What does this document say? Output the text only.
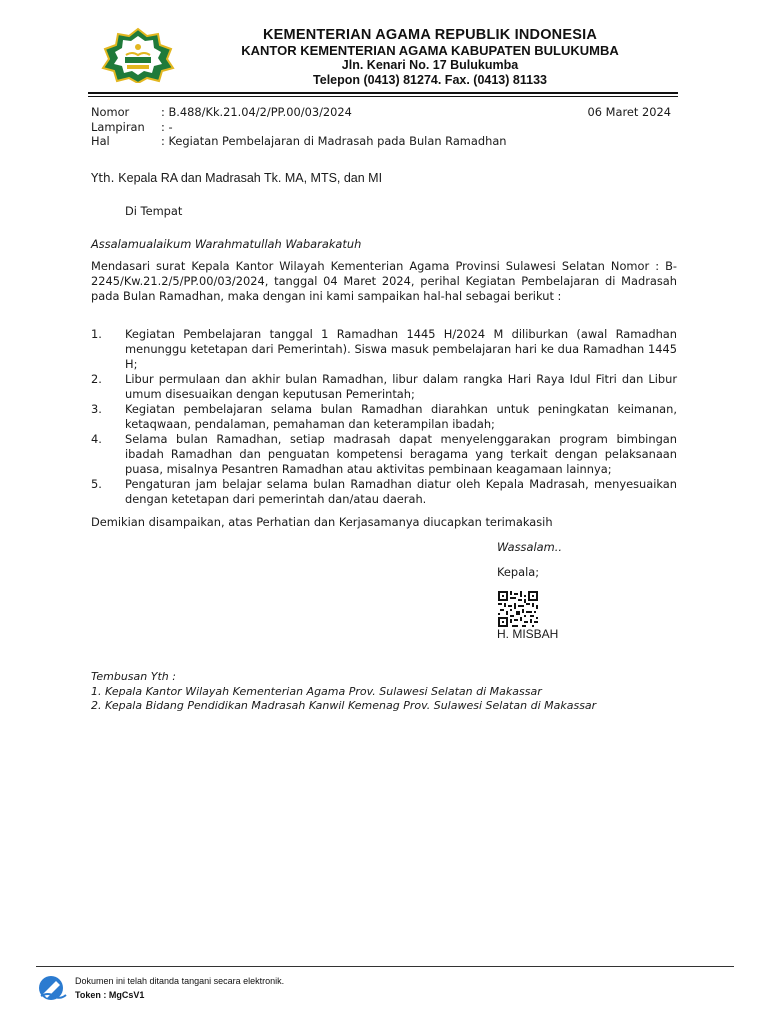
KEMENTERIAN AGAMA REPUBLIK INDONESIA
KANTOR KEMENTERIAN AGAMA KABUPATEN BULUKUMBA
Jln. Kenari No. 17 Bulukumba
Telepon (0413) 81274. Fax. (0413) 81133
Nomor	: B.488/Kk.21.04/2/PP.00/03/2024
Lampiran	: -
Hal	: Kegiatan Pembelajaran di Madrasah pada Bulan Ramadhan
06 Maret 2024
Yth. Kepala RA dan Madrasah Tk. MA, MTS, dan MI
Di Tempat
Assalamualaikum Warahmatullah Wabarakatuh
Mendasari surat Kepala Kantor Wilayah Kementerian Agama Provinsi Sulawesi Selatan Nomor : B-2245/Kw.21.2/5/PP.00/03/2024, tanggal 04 Maret 2024, perihal Kegiatan Pembelajaran di Madrasah pada Bulan Ramadhan, maka dengan ini kami sampaikan hal-hal sebagai berikut :
1.	Kegiatan Pembelajaran tanggal 1 Ramadhan 1445 H/2024 M diliburkan (awal Ramadhan menunggu ketetapan dari Pemerintah). Siswa masuk pembelajaran hari ke dua Ramadhan 1445 H;
2.	Libur permulaan dan akhir bulan Ramadhan, libur dalam rangka Hari Raya Idul Fitri dan Libur umum disesuaikan dengan keputusan Pemerintah;
3.	Kegiatan pembelajaran selama bulan Ramadhan diarahkan untuk peningkatan keimanan, ketaqwaan, pendalaman, pemahaman dan keterampilan ibadah;
4.	Selama bulan Ramadhan, setiap madrasah dapat menyelenggarakan program bimbingan ibadah Ramadhan dan penguatan kompetensi beragama yang terkait dengan pelaksanaan puasa, misalnya Pesantren Ramadhan atau aktivitas pembinaan keagamaan lainnya;
5.	Pengaturan jam belajar selama bulan Ramadhan diatur oleh Kepala Madrasah, menyesuaikan dengan ketetapan dari pemerintah dan/atau daerah.
Demikian disampaikan, atas Perhatian dan Kerjasamanya diucapkan terimakasih
Wassalam..
Kepala;
H. MISBAH
Tembusan Yth :
1. Kepala Kantor Wilayah Kementerian Agama Prov. Sulawesi Selatan di Makassar
2. Kepala Bidang Pendidikan Madrasah Kanwil Kemenag Prov. Sulawesi Selatan di Makassar
Dokumen ini telah ditanda tangani secara elektronik.
Token : MgCsV1
